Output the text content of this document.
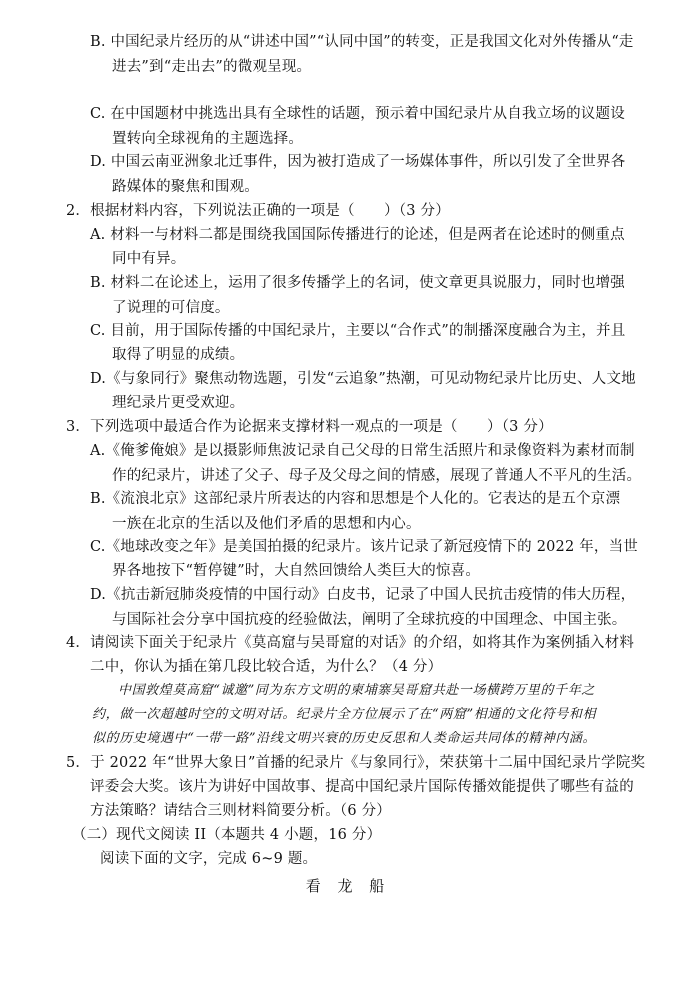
B. 中国纪录片经历的从“讲述中国”“认同中国”的转变，正是我国文化对外传播从“走
进去”到“走出去”的微观呈现。
C. 在中国题材中挑选出具有全球性的话题，预示着中国纪录片从自我立场的议题设
置转向全球视角的主题选择。
D. 中国云南亚洲象北迁事件，因为被打造成了一场媒体事件，所以引发了全世界各
路媒体的聚焦和围观。
2．根据材料内容，下列说法正确的一项是（　　）（3 分）
A. 材料一与材料二都是围绕我国国际传播进行的论述，但是两者在论述时的侧重点
同中有异。
B. 材料二在论述上，运用了很多传播学上的名词，使文章更具说服力，同时也增强
了说理的可信度。
C. 目前，用于国际传播的中国纪录片，主要以“合作式”的制播深度融合为主，并且
取得了明显的成绩。
D.《与象同行》聚焦动物选题，引发“云追象”热潮，可见动物纪录片比历史、人文地
理纪录片更受欢迎。
3．下列选项中最适合作为论据来支撑材料一观点的一项是（　　）（3 分）
A.《俺爹俺娘》是以摄影师焦波记录自己父母的日常生活照片和录像资料为素材而制
作的纪录片，讲述了父子、母子及父母之间的情感，展现了普通人不平凡的生活。
B.《流浪北京》这部纪录片所表达的内容和思想是个人化的。它表达的是五个京漂
一族在北京的生活以及他们矛盾的思想和内心。
C.《地球改变之年》是美国拍摄的纪录片。该片记录了新冠疫情下的 2022 年，当世
界各地按下“暂停键”时，大自然回馈给人类巨大的惊喜。
D.《抗击新冠肺炎疫情的中国行动》白皮书，记录了中国人民抗击疫情的伟大历程，
与国际社会分享中国抗疫的经验做法，阐明了全球抗疫的中国理念、中国主张。
4．请阅读下面关于纪录片《莫高窟与吴哥窟的对话》的介绍，如将其作为案例插入材料
二中，你认为插在第几段比较合适，为什么？（4 分）
中国敦煌莫高窟“诚邀”同为东方文明的柬埔寨吴哥窟共赴一场横跨万里的千年之
约，做一次超越时空的文明对话。纪录片全方位展示了在“两窟”相通的文化符号和相
似的历史境遇中“一带一路”沿线文明兴衰的历史反思和人类命运共同体的精神内涵。
5．于 2022 年“世界大象日”首播的纪录片《与象同行》，荣获第十二届中国纪录片学院奖
评委会大奖。该片为讲好中国故事、提高中国纪录片国际传播效能提供了哪些有益的
方法策略？请结合三则材料简要分析。（6 分）
（二）现代文阅读 II（本题共 4 小题，16 分）
阅读下面的文字，完成 6~9 题。
看 龙 船
